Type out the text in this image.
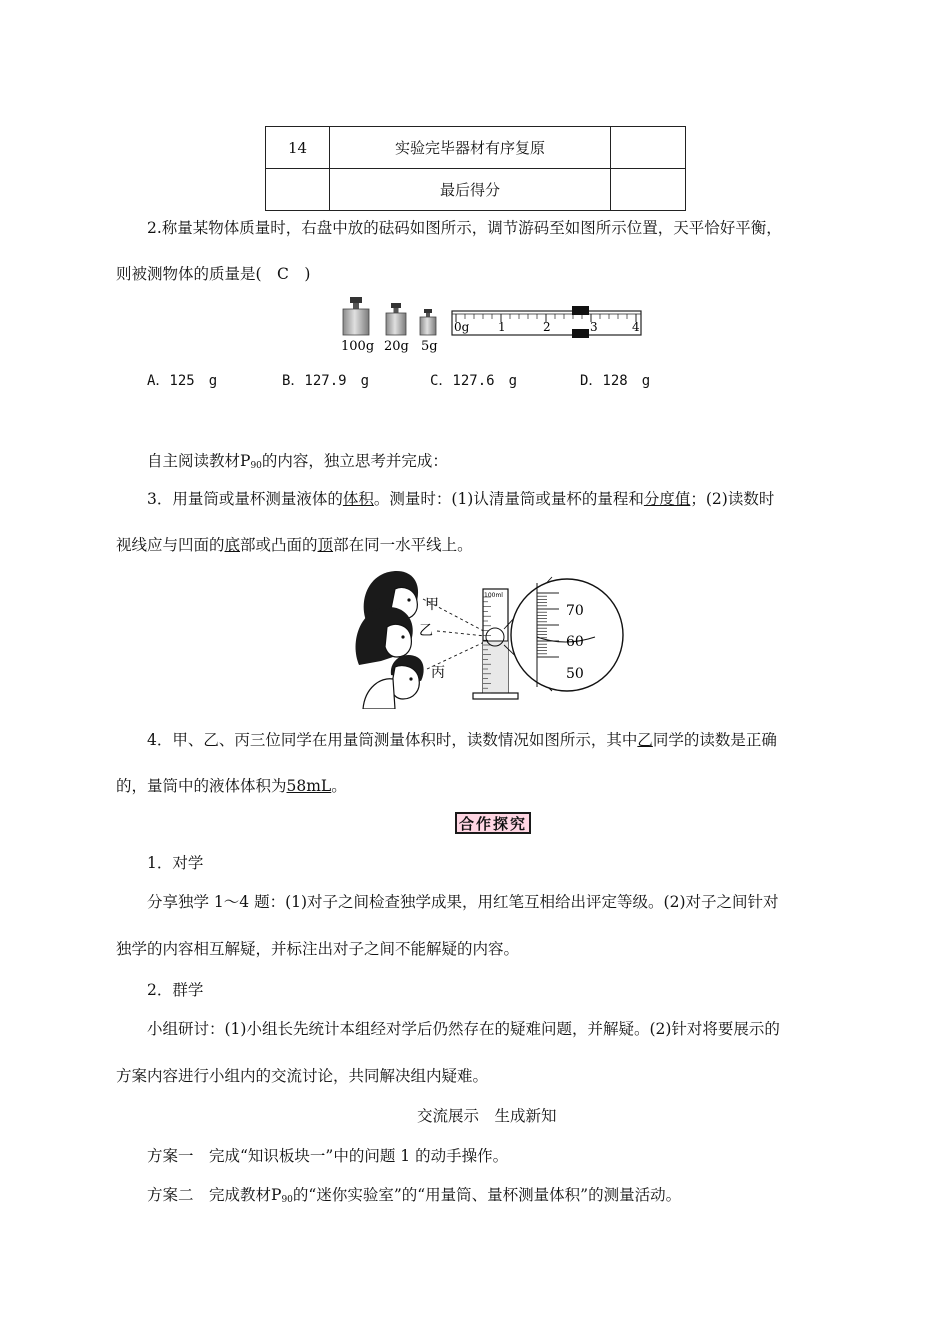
14	实验完毕器材有序复原	
	最后得分	
2.称量某物体质量时，右盘中放的砝码如图所示，调节游码至如图所示位置，天平恰好平衡，
则被测物体的质量是(　C　)
100g 20g 5g
0g 1	2	3	4
A．125　g	B．127.9　g	C．127.6　g	D．128　g
自主阅读教材$P_{90}$的内容，独立思考并完成：
3．用量筒或量杯测量液体的体积。测量时：(1)认清量筒或量杯的量程和分度值；(2)读数时
视线应与凹面的底部或凸面的顶部在同一水平线上。
甲
乙
丙
100ml
70
60
50
4．甲、乙、丙三位同学在用量筒测量体积时，读数情况如图所示，其中乙同学的读数是正确
的，量筒中的液体体积为58mL。
合作探究
1．对学
分享独学 1～4 题：(1)对子之间检查独学成果，用红笔互相给出评定等级。(2)对子之间针对
独学的内容相互解疑，并标注出对子之间不能解疑的内容。
2．群学
小组研讨：(1)小组长先统计本组经对学后仍然存在的疑难问题，并解疑。(2)针对将要展示的
方案内容进行小组内的交流讨论，共同解决组内疑难。
交流展示　生成新知
方案一　完成“知识板块一”中的问题 1 的动手操作。
方案二　完成教材$P_{90}$的“迷你实验室”的“用量筒、量杯测量体积”的测量活动。
